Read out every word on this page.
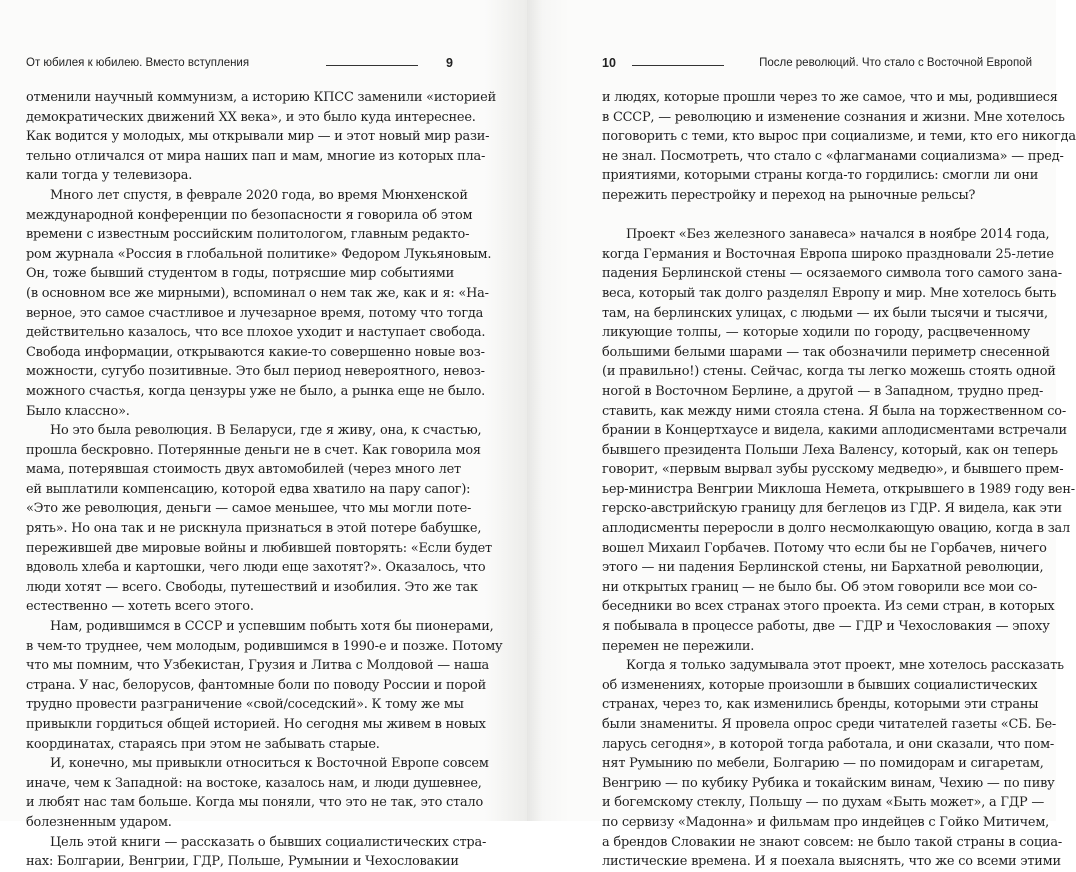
От юбилея к юбилею. Вместо вступления	9
отменили научный коммунизм, а историю КПСС заменили «историей
демократических движений XX века», и это было куда интереснее.
Как водится у молодых, мы открывали мир — и этот новый мир рази-
тельно отличался от мира наших пап и мам, многие из которых пла-
кали тогда у телевизора.
Много лет спустя, в феврале 2020 года, во время Мюнхенской
международной конференции по безопасности я говорила об этом
времени с известным российским политологом, главным редакто-
ром журнала «Россия в глобальной политике» Федором Лукьяновым.
Он, тоже бывший студентом в годы, потрясшие мир событиями
(в основном все же мирными), вспоминал о нем так же, как и я: «На-
верное, это самое счастливое и лучезарное время, потому что тогда
действительно казалось, что все плохое уходит и наступает свобода.
Свобода информации, открываются какие-то совершенно новые воз-
можности, сугубо позитивные. Это был период невероятного, невоз-
можного счастья, когда цензуры уже не было, а рынка еще не было.
Было классно».
Но это была революция. В Беларуси, где я живу, она, к счастью,
прошла бескровно. Потерянные деньги не в счет. Как говорила моя
мама, потерявшая стоимость двух автомобилей (через много лет
ей выплатили компенсацию, которой едва хватило на пару сапог):
«Это же революция, деньги — самое меньшее, что мы могли поте-
рять». Но она так и не рискнула признаться в этой потере бабушке,
пережившей две мировые войны и любившей повторять: «Если будет
вдоволь хлеба и картошки, чего люди еще захотят?». Оказалось, что
люди хотят — всего. Свободы, путешествий и изобилия. Это же так
естественно — хотеть всего этого.
Нам, родившимся в СССР и успевшим побыть хотя бы пионерами,
в чем-то труднее, чем молодым, родившимся в 1990-е и позже. Потому
что мы помним, что Узбекистан, Грузия и Литва с Молдовой — наша
страна. У нас, белорусов, фантомные боли по поводу России и порой
трудно провести разграничение «свой/соседский». К тому же мы
привыкли гордиться общей историей. Но сегодня мы живем в новых
координатах, стараясь при этом не забывать старые.
И, конечно, мы привыкли относиться к Восточной Европе совсем
иначе, чем к Западной: на востоке, казалось нам, и люди душевнее,
и любят нас там больше. Когда мы поняли, что это не так, это стало
болезненным ударом.
Цель этой книги — рассказать о бывших социалистических стра-
нах: Болгарии, Венгрии, ГДР, Польше, Румынии и Чехословакии
10	После революций. Что стало с Восточной Европой
и людях, которые прошли через то же самое, что и мы, родившиеся
в СССР, — революцию и изменение сознания и жизни. Мне хотелось
поговорить с теми, кто вырос при социализме, и теми, кто его никогда
не знал. Посмотреть, что стало с «флагманами социализма» — пред-
приятиями, которыми страны когда-то гордились: смогли ли они
пережить перестройку и переход на рыночные рельсы?
Проект «Без железного занавеса» начался в ноябре 2014 года,
когда Германия и Восточная Европа широко праздновали 25-летие
падения Берлинской стены — осязаемого символа того самого зана-
веса, который так долго разделял Европу и мир. Мне хотелось быть
там, на берлинских улицах, с людьми — их были тысячи и тысячи,
ликующие толпы, — которые ходили по городу, расцвеченному
большими белыми шарами — так обозначили периметр снесенной
(и правильно!) стены. Сейчас, когда ты легко можешь стоять одной
ногой в Восточном Берлине, а другой — в Западном, трудно пред-
ставить, как между ними стояла стена. Я была на торжественном со-
брании в Концертхаусе и видела, какими аплодисментами встречали
бывшего президента Польши Леха Валенсу, который, как он теперь
говорит, «первым вырвал зубы русскому медведю», и бывшего прем-
ьер-министра Венгрии Миклоша Немета, открывшего в 1989 году вен-
герско-австрийскую границу для беглецов из ГДР. Я видела, как эти
аплодисменты переросли в долго несмолкающую овацию, когда в зал
вошел Михаил Горбачев. Потому что если бы не Горбачев, ничего
этого — ни падения Берлинской стены, ни Бархатной революции,
ни открытых границ — не было бы. Об этом говорили все мои со-
беседники во всех странах этого проекта. Из семи стран, в которых
я побывала в процессе работы, две — ГДР и Чехословакия — эпоху
перемен не пережили.
Когда я только задумывала этот проект, мне хотелось рассказать
об изменениях, которые произошли в бывших социалистических
странах, через то, как изменились бренды, которыми эти страны
были знамениты. Я провела опрос среди читателей газеты «СБ. Бе-
ларусь сегодня», в которой тогда работала, и они сказали, что пом-
нят Румынию по мебели, Болгарию — по помидорам и сигаретам,
Венгрию — по кубику Рубика и токайским винам, Чехию — по пиву
и богемскому стеклу, Польшу — по духам «Быть может», а ГДР —
по сервизу «Мадонна» и фильмам про индейцев с Гойко Митичем,
а брендов Словакии не знают совсем: не было такой страны в социа-
листические времена. И я поехала выяснять, что же со всеми этими
